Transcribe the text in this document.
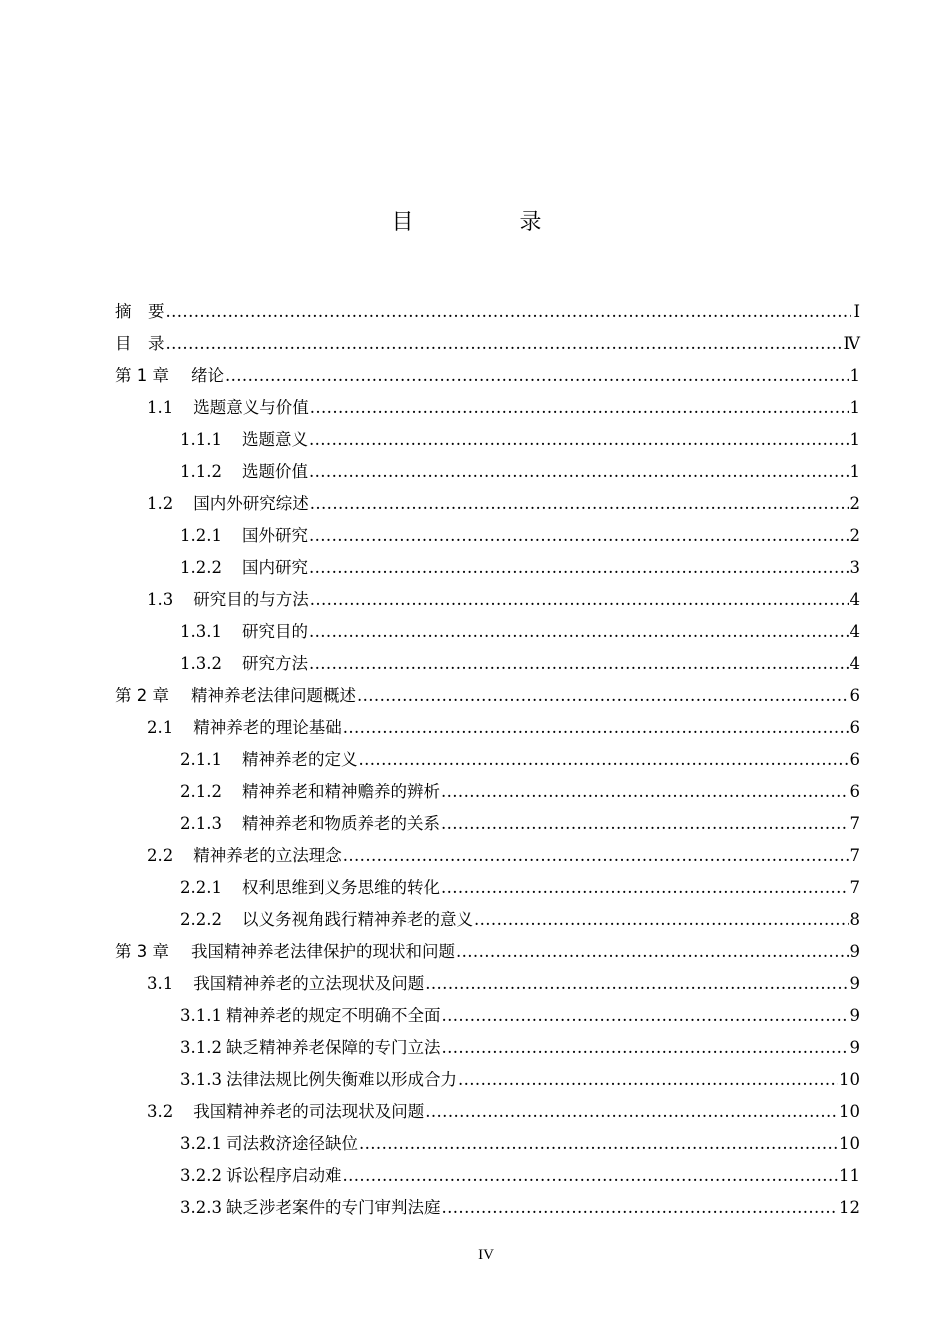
目　录
摘　要 .....	Ⅰ
目　录 .....	Ⅳ
第 1 章 绪论 .....	1
1.1 选题意义与价值 .....	1
1.1.1 选题意义 .....	1
1.1.2 选题价值 .....	1
1.2 国内外研究综述 .....	2
1.2.1 国外研究 .....	2
1.2.2 国内研究 .....	3
1.3 研究目的与方法 .....	4
1.3.1 研究目的 .....	4
1.3.2 研究方法 .....	4
第 2 章 精神养老法律问题概述 .....	6
2.1 精神养老的理论基础 .....	6
2.1.1 精神养老的定义 .....	6
2.1.2 精神养老和精神赡养的辨析 .....	6
2.1.3 精神养老和物质养老的关系 .....	7
2.2 精神养老的立法理念 .....	7
2.2.1 权利思维到义务思维的转化 .....	7
2.2.2 以义务视角践行精神养老的意义 .....	8
第 3 章 我国精神养老法律保护的现状和问题 .....	9
3.1 我国精神养老的立法现状及问题 .....	9
3.1.1 精神养老的规定不明确不全面 .....	9
3.1.2 缺乏精神养老保障的专门立法 .....	9
3.1.3 法律法规比例失衡难以形成合力 .....	10
3.2 我国精神养老的司法现状及问题 .....	10
3.2.1 司法救济途径缺位 .....	10
3.2.2 诉讼程序启动难 .....	11
3.2.3 缺乏涉老案件的专门审判法庭 .....	12
IV
